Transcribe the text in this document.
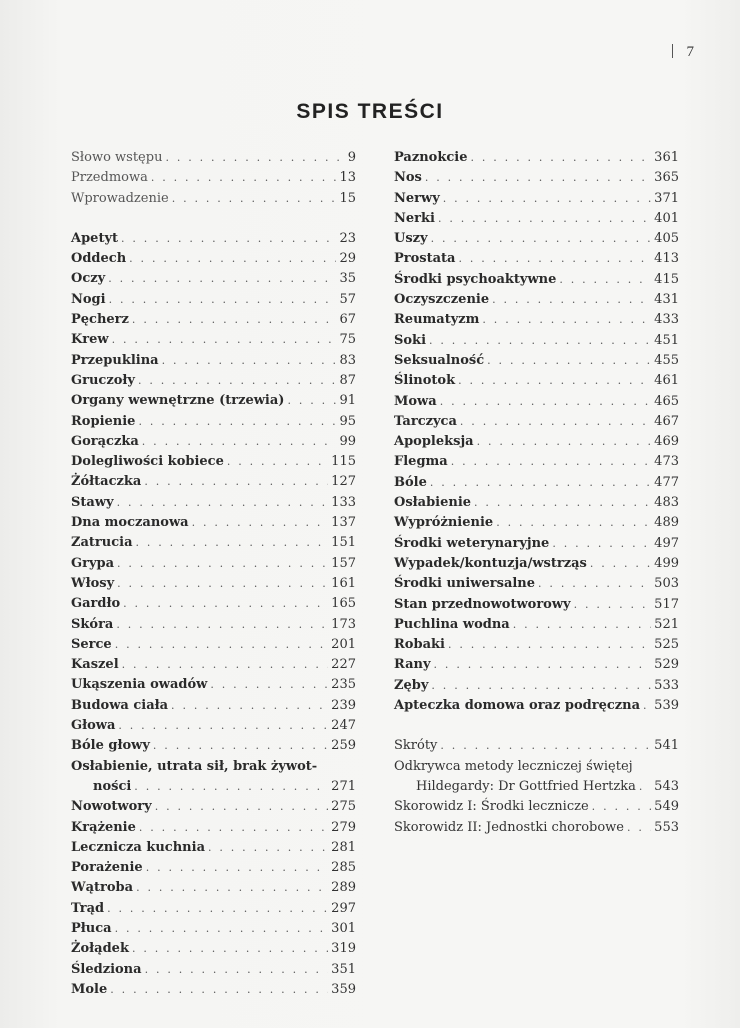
7
SPIS TREŚCI
Słowo wstępu . . .	9
Przedmowa . . .	13
Wprowadzenie . . .	15
Apetyt . . .	23
Oddech . . .	29
Oczy . . .	35
Nogi . . .	57
Pęcherz . . .	67
Krew . . .	75
Przepuklina . . .	83
Gruczoły . . .	87
Organy wewnętrzne (trzewia) . . .	91
Ropienie . . .	95
Gorączka . . .	99
Dolegliwości kobiece . . .	115
Żółtaczka . . .	127
Stawy . . .	133
Dna moczanowa . . .	137
Zatrucia . . .	151
Grypa . . .	157
Włosy . . .	161
Gardło . . .	165
Skóra . . .	173
Serce . . .	201
Kaszel . . .	227
Ukąszenia owadów . . .	235
Budowa ciała . . .	239
Głowa . . .	247
Bóle głowy . . .	259
Osłabienie, utrata sił, brak żywot-
ności . . .	271
Nowotwory . . .	275
Krążenie . . .	279
Lecznicza kuchnia . . .	281
Porażenie . . .	285
Wątroba . . .	289
Trąd . . .	297
Płuca . . .	301
Żołądek . . .	319
Śledziona . . .	351
Mole . . .	359
Paznokcie . . .	361
Nos . . .	365
Nerwy . . .	371
Nerki . . .	401
Uszy . . .	405
Prostata . . .	413
Środki psychoaktywne . . .	415
Oczyszczenie . . .	431
Reumatyzm . . .	433
Soki . . .	451
Seksualność . . .	455
Ślinotok . . .	461
Mowa . . .	465
Tarczyca . . .	467
Apopleksja . . .	469
Flegma . . .	473
Bóle . . .	477
Osłabienie . . .	483
Wypróżnienie . . .	489
Środki weterynaryjne . . .	497
Wypadek/kontuzja/wstrząs . . .	499
Środki uniwersalne . . .	503
Stan przednowotworowy . . .	517
Puchlina wodna . . .	521
Robaki . . .	525
Rany . . .	529
Zęby . . .	533
Apteczka domowa oraz podręczna . . . 539
Skróty . . .	541
Odkrywca metody leczniczej świętej
Hildegardy: Dr Gottfried Hertzka . . . 543
Skorowidz I: Środki lecznicze . . .	549
Skorowidz II: Jednostki chorobowe . . . 553
